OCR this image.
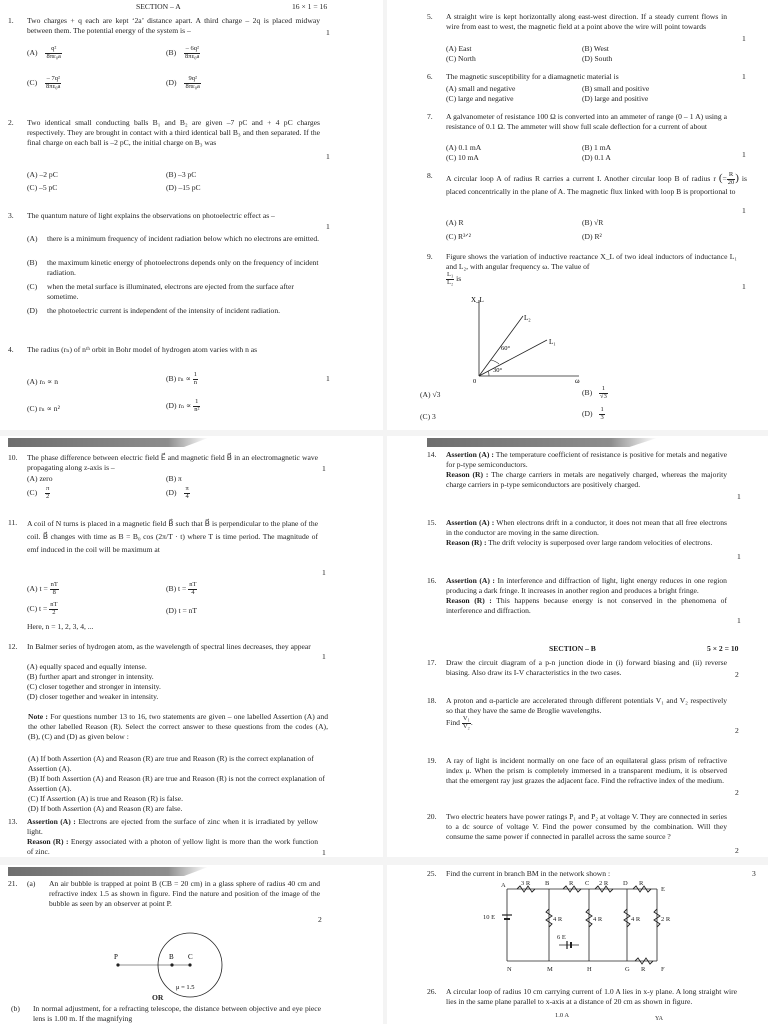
SECTION – A	16 × 1 = 16
1.	Two charges + q each are kept ‘2a’ distance apart. A third charge – 2q is placed midway between them. The potential energy of the system is –	1
$(A) \frac{\text{q²}}{\text{8πε₀a}}$	$(B) \frac{\text{– 6q²}}{\text{8πε₀a}}$
$(C) \frac{\text{– 7q²}}{\text{8πε₀a}}$	$(D) \frac{\text{9q²}}{\text{8πε₀a}}$
2.	Two identical small conducting balls B₁ and B₂ are given –7 pC and + 4 pC charges respectively. They are brought in contact with a third identical ball B₃ and then separated. If the final charge on each ball is –2 pC, the initial charge on B₃ was
1
(A) –2 pC	(B) –3 pC
(C) –5 pC	(D) –15 pC
3.	The quantum nature of light explains the observations on photoelectric effect as –
1
(A) there is a minimum frequency of incident radiation below which no electrons are emitted.
(B) the maximum kinetic energy of photoelectrons depends only on the frequency of incident radiation.
(C) when the metal surface is illuminated, electrons are ejected from the surface after sometime.
(D) the photoelectric current is independent of the intensity of incident radiation.
4.	The radius (rₙ) of nᵗʰ orbit in Bohr model of hydrogen atom varies with n as
1
(A) rₙ ∝ n	(B) $r_n \propto \frac{1}{n}$
(C) rₙ ∝ n²	(D) $r_n \propto \frac{1}{\text{n²}}$
5.	A straight wire is kept horizontally along east-west direction. If a steady current flows in wire from east to west, the magnetic field at a point above the wire will point towards
1
(A) East	(B) West
(C) North	(D) South
6.	The magnetic susceptibility for a diamagnetic material is	1
(A) small and negative	(B) small and positive
(C) large and negative	(D) large and positive
7.	A galvanometer of resistance 100 Ω is converted into an ammeter of range (0 – 1 A) using a resistance of 0.1 Ω. The ammeter will show full scale deflection for a current of about
1
(A) 0.1 mA	(B) 1 mA
(C) 10 mA	(D) 0.1 A
8.	A circular loop A of radius R carries a current I. Another circular loop B of radius r (= $\frac{R}{20}$ ) is placed concentrically in the plane of A. The magnetic flux linked with loop B is proportional to
1
(A) R	(B) √R
(C) R³ᐟ²	(D) R²
9.	Figure shows the variation of inductive reactance X_L of two ideal inductors of inductance L₁ and L₂, with angular frequency ω. The value of

$\frac{\text{L₁}}{\text{L₂}}$ is
1
X_L
L₂
L₁
60°
30°
0	ω
(A) √3	$(B) \frac{1}{√3}$
(C) 3	$(D) \frac{1}{3}$
10.	The phase difference between electric field E⃗ and magnetic field B⃗ in an electromagnetic wave propagating along z-axis is –	1
(A) zero	(B) π
$(C) \frac{\pi}{2}$	$(D) \frac{\pi}{4}$
11.	A coil of N turns is placed in a magnetic field B⃗ such that B⃗ is perpendicular to the plane of the coil. B⃗ changes with time as B = B₀ cos (2π/T · t) where T is time period. The magnitude of emf induced in the coil will be maximum at
1
(A) $t = \frac{nT}{8}$	(B) $t = \frac{nT}{4}$
(C) $t = \frac{nT}{2}$	(D) t = nT
Here, n = 1, 2, 3, 4, ...
12.	In Balmer series of hydrogen atom, as the wavelength of spectral lines decreases, they appear
1
(A) equally spaced and equally intense.
(B) further apart and stronger in intensity.
(C) closer together and stronger in intensity.
(D) closer together and weaker in intensity.
Note : For questions number 13 to 16, two statements are given – one labelled Assertion (A) and the other labelled Reason (R). Select the correct answer to these questions from the codes (A), (B), (C) and (D) as given below :
(A) If both Assertion (A) and Reason (R) are true and Reason (R) is the correct explanation of Assertion (A).
(B) If both Assertion (A) and Reason (R) are true and Reason (R) is not the correct explanation of Assertion (A).
(C) If Assertion (A) is true and Reason (R) is false.
(D) If both Assertion (A) and Reason (R) are false.
13.	Assertion (A) : Electrons are ejected from the surface of zinc when it is irradiated by yellow light.
Reason (R) : Energy associated with a photon of yellow light is more than the work function of zinc.	1
14.	Assertion (A) : The temperature coefficient of resistance is positive for metals and negative for p-type semiconductors.
Reason (R) : The charge carriers in metals are negatively charged, whereas the majority charge carriers in p-type semiconductors are positively charged.
1
15.	Assertion (A) : When electrons drift in a conductor, it does not mean that all free electrons in the conductor are moving in the same direction.
Reason (R) : The drift velocity is superposed over large random velocities of electrons.
1
16.	Assertion (A) : In interference and diffraction of light, light energy reduces in one region producing a dark fringe. It increases in another region and produces a bright fringe.
Reason (R) : This happens because energy is not conserved in the phenomena of interference and diffraction.
1
SECTION – B	5 × 2 = 10
17.	Draw the circuit diagram of a p-n junction diode in (i) forward biasing and (ii) reverse biasing. Also draw its I-V characteristics in the two cases.	2
18.	A proton and α-particle are accelerated through different potentials V₁ and V₂ respectively so that they have the same de Broglie wavelengths.
Find $\frac{\text{V₁}}{\text{V₂}}$ .
2
19.	A ray of light is incident normally on one face of an equilateral glass prism of refractive index μ. When the prism is completely immersed in a transparent medium, it is observed that the emergent ray just grazes the adjacent face. Find the refractive index of the medium.
2
20.	Two electric heaters have power ratings P₁ and P₂ at voltage V. They are connected in series to a dc source of voltage V. Find the power consumed by the combination. Will they consume the same power if connected in parallel across the same source ?
2
21.	(a) An air bubble is trapped at point B (CB = 20 cm) in a glass sphere of radius 40 cm and refractive index 1.5 as shown in figure. Find the nature and position of the image of the bubble as seen by an observer at point P.
2
P	B C
μ = 1.5
OR
(b) In normal adjustment, for a refracting telescope, the distance between objective and eye piece lens is 1.00 m. If the magnifying
25.	Find the current in branch BM in the network shown :	3
3 R	R	2 R	R
4 R	4 R	4 R	2 R
10 E
6 E
R
N	M	H	G	F
C	D
E
A	B
26.	A circular loop of radius 10 cm carrying current of 1.0 A lies in x-y plane. A long straight wire lies in the same plane parallel to x-axis at a distance of 20 cm as shown in figure.
1.0 A	YA
